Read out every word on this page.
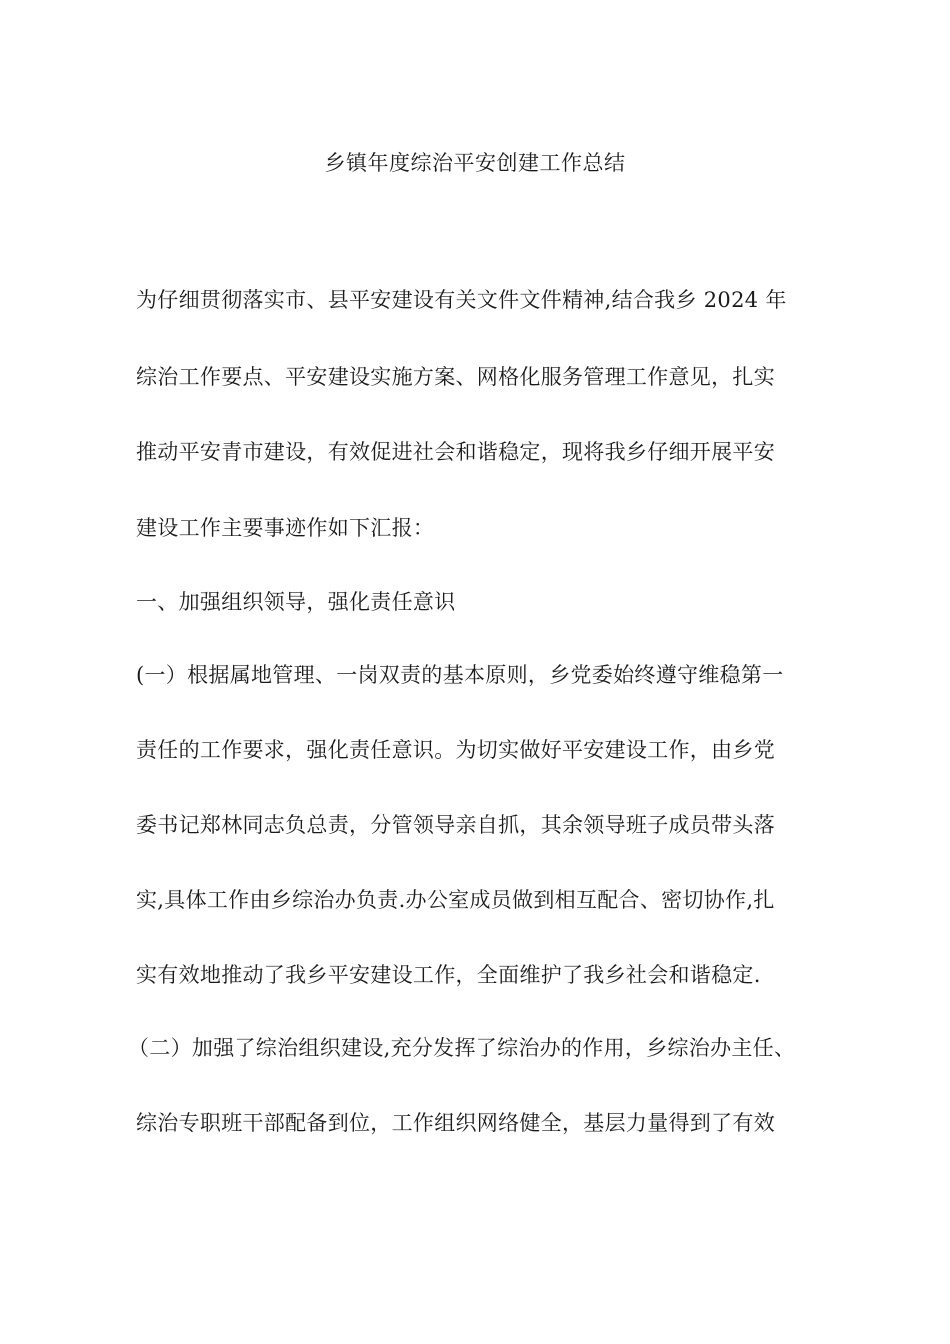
乡镇年度综治平安创建工作总结
为仔细贯彻落实市、县平安建设有关文件文件精神,结合我乡 2024 年
综治工作要点、平安建设实施方案、网格化服务管理工作意见，扎实
推动平安青市建设，有效促进社会和谐稳定，现将我乡仔细开展平安
建设工作主要事迹作如下汇报：
一、加强组织领导，强化责任意识
(一）根据属地管理、一岗双责的基本原则，乡党委始终遵守维稳第一
责任的工作要求，强化责任意识。为切实做好平安建设工作，由乡党
委书记郑林同志负总责，分管领导亲自抓，其余领导班子成员带头落
实,具体工作由乡综治办负责.办公室成员做到相互配合、密切协作,扎
实有效地推动了我乡平安建设工作，全面维护了我乡社会和谐稳定.
（二）加强了综治组织建设,充分发挥了综治办的作用，乡综治办主任、
综治专职班干部配备到位，工作组织网络健全，基层力量得到了有效
